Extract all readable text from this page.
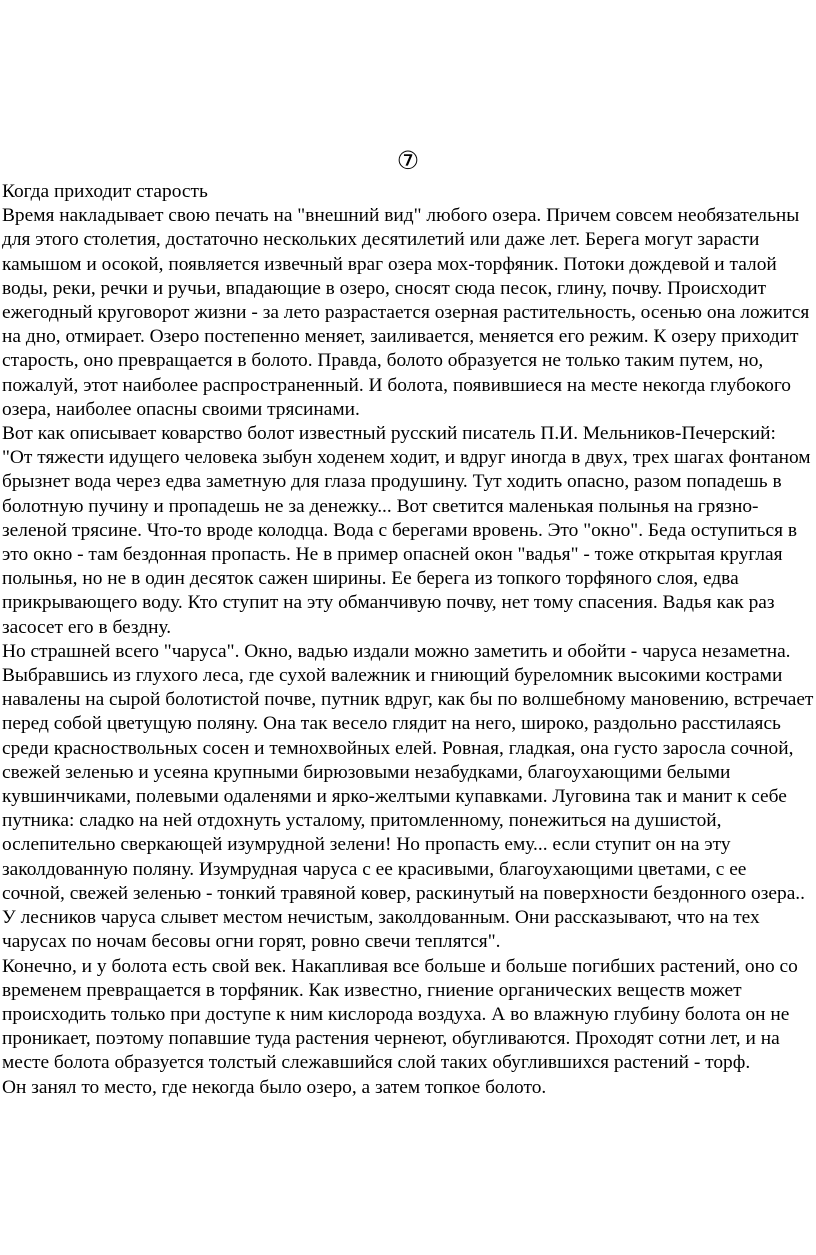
⑦

Когда приходит старость

Время накладывает свою печать на "внешний вид" любого озера. Причем совсем необязательны для этого столетия, достаточно нескольких десятилетий или даже лет. Берега могут зарасти камышом и осокой, появляется извечный враг озера мох-торфяник. Потоки дождевой и талой воды, реки, речки и ручьи, впадающие в озеро, сносят сюда песок, глину, почву. Происходит ежегодный круговорот жизни - за лето разрастается озерная растительность, осенью она ложится на дно, отмирает. Озеро постепенно меняет, заиливается, меняется его режим. К озеру приходит старость, оно превращается в болото. Правда, болото образуется не только таким путем, но, пожалуй, этот наиболее распространенный. И болота, появившиеся на месте некогда глубокого озера, наиболее опасны своими трясинами.

Вот как описывает коварство болот известный русский писатель П.И. Мельников-Печерский:

"От тяжести идущего человека зыбун ходенем ходит, и вдруг иногда в двух, трех шагах фонтаном брызнет вода через едва заметную для глаза продушину. Тут ходить опасно, разом попадешь в болотную пучину и пропадешь не за денежку... Вот светится маленькая полынья на грязно-зеленой трясине. Что-то вроде колодца. Вода с берегами вровень. Это "окно". Беда оступиться в это окно - там бездонная пропасть. Не в пример опасней окон "вадья" - тоже открытая круглая полынья, но не в один десяток сажен ширины. Ее берега из топкого торфяного слоя, едва прикрывающего воду. Кто ступит на эту обманчивую почву, нет тому спасения. Вадья как раз засосет его в бездну.

Но страшней всего "чаруса". Окно, вадью издали можно заметить и обойти - чаруса незаметна. Выбравшись из глухого леса, где сухой валежник и гниющий буреломник высокими кострами навалены на сырой болотистой почве, путник вдруг, как бы по волшебному мановению, встречает перед собой цветущую поляну. Она так весело глядит на него, широко, раздольно расстилаясь среди красноствольных сосен и темнохвойных елей. Ровная, гладкая, она густо заросла сочной, свежей зеленью и усеяна крупными бирюзовыми незабудками, благоухающими белыми кувшинчиками, полевыми одаленями и ярко-желтыми купавками. Луговина так и манит к себе путника: сладко на ней отдохнуть усталому, притомленному, понежиться на душистой, ослепительно сверкающей изумрудной зелени! Но пропасть ему... если ступит он на эту заколдованную поляну. Изумрудная чаруса с ее красивыми, благоухающими цветами, с ее сочной, свежей зеленью - тонкий травяной ковер, раскинутый на поверхности бездонного озера..

У лесников чаруса слывет местом нечистым, заколдованным. Они рассказывают, что на тех чарусах по ночам бесовы огни горят, ровно свечи теплятся".

Конечно, и у болота есть свой век. Накапливая все больше и больше погибших растений, оно со временем превращается в торфяник. Как известно, гниение органических веществ может происходить только при доступе к ним кислорода воздуха. А во влажную глубину болота он не проникает, поэтому попавшие туда растения чернеют, обугливаются. Проходят сотни лет, и на месте болота образуется толстый слежавшийся слой таких обуглившихся растений - торф.

Он занял то место, где некогда было озеро, а затем топкое болото.
